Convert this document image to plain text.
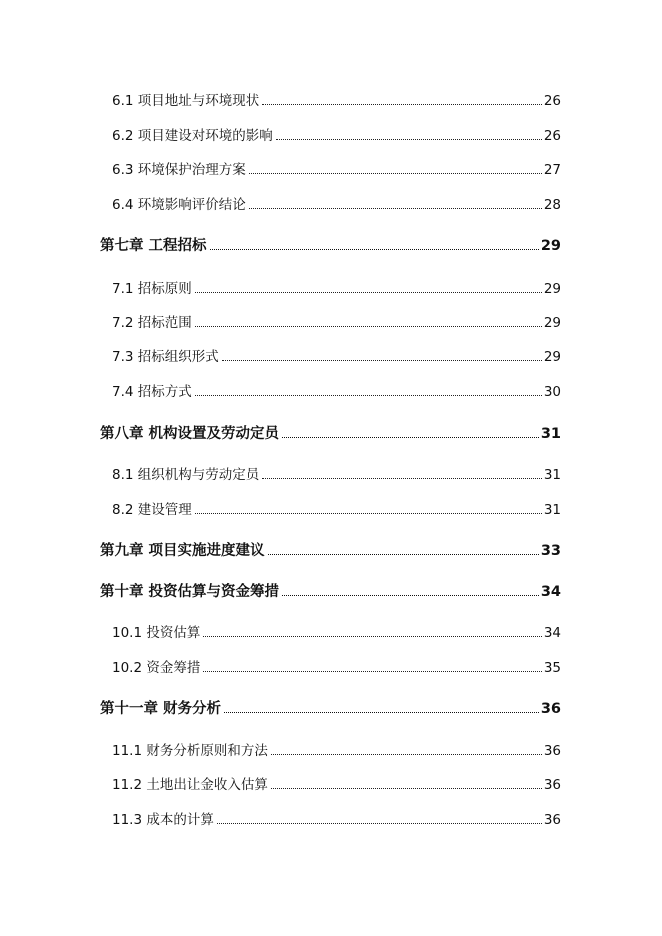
6.1 项目地址与环境现状	26
6.2 项目建设对环境的影响	26
6.3 环境保护治理方案	27
6.4 环境影响评价结论	28
第七章 工程招标	29
7.1 招标原则	29
7.2 招标范围	29
7.3 招标组织形式	29
7.4 招标方式	30
第八章 机构设置及劳动定员	31
8.1 组织机构与劳动定员	31
8.2 建设管理	31
第九章 项目实施进度建议	33
第十章 投资估算与资金筹措	34
10.1 投资估算	34
10.2 资金筹措	35
第十一章 财务分析	36
11.1 财务分析原则和方法	36
11.2 土地出让金收入估算	36
11.3 成本的计算	36
